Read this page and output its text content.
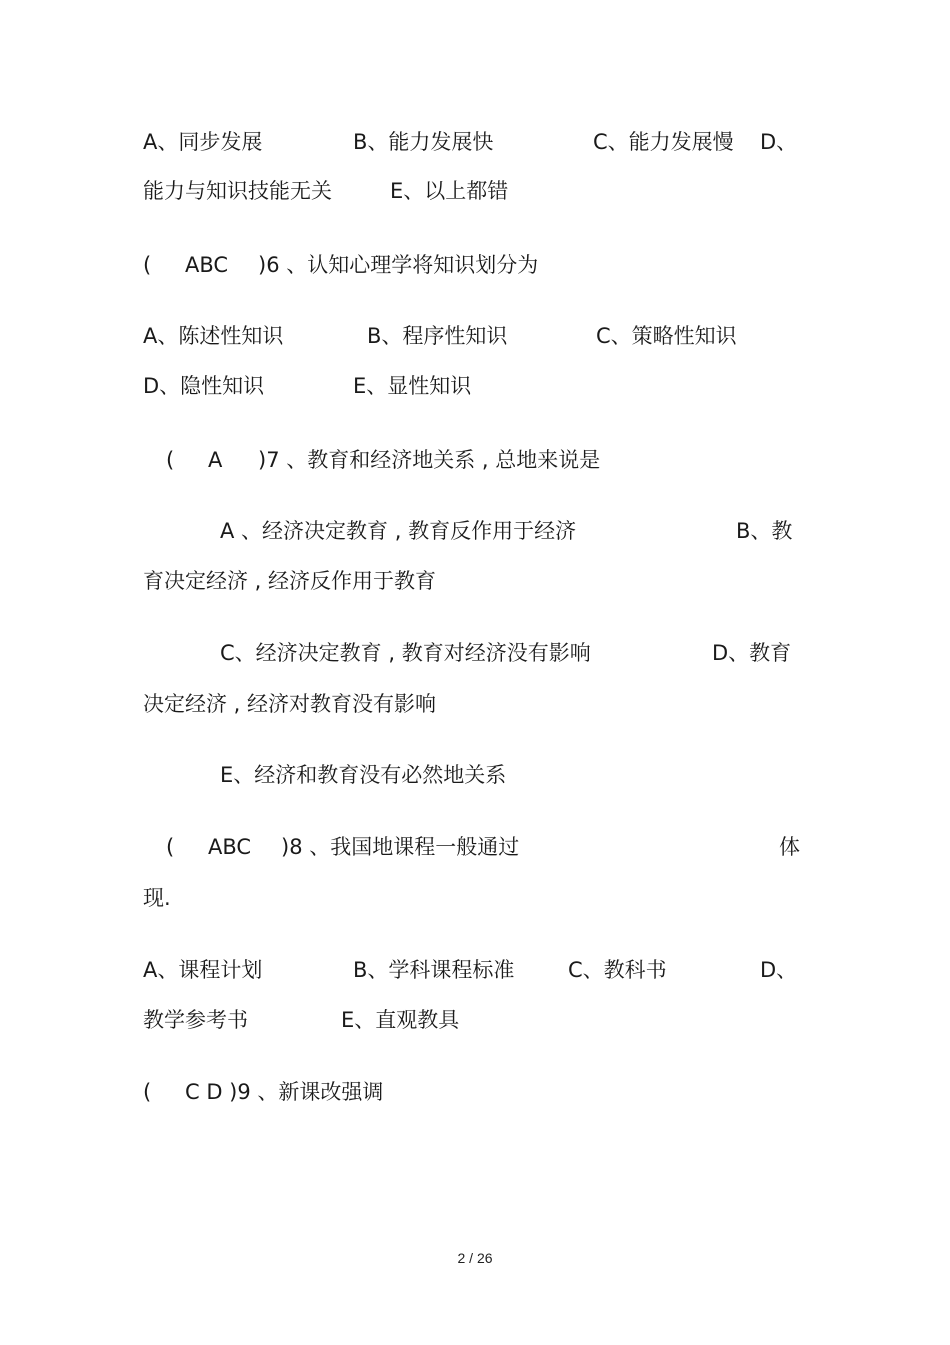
A、同步发展	B、能力发展快	C、能力发展慢 D、
能力与知识技能无关	E、以上都错
( ABC )6 、认知心理学将知识划分为
A、陈述性知识	B、程序性知识	C、策略性知识
D、隐性知识	E、显性知识
( A )7 、教育和经济地关系 , 总地来说是
A 、经济决定教育 , 教育反作用于经济	B、教
育决定经济 , 经济反作用于教育
C、经济决定教育 , 教育对经济没有影响	D、教育
决定经济 , 经济对教育没有影响
E、经济和教育没有必然地关系
( ABC )8 、我国地课程一般通过	体
现.
A、课程计划	B、学科课程标准	C、教科书	D、
教学参考书	E、直观教具
( C D )9 、新课改强调
2 / 26
